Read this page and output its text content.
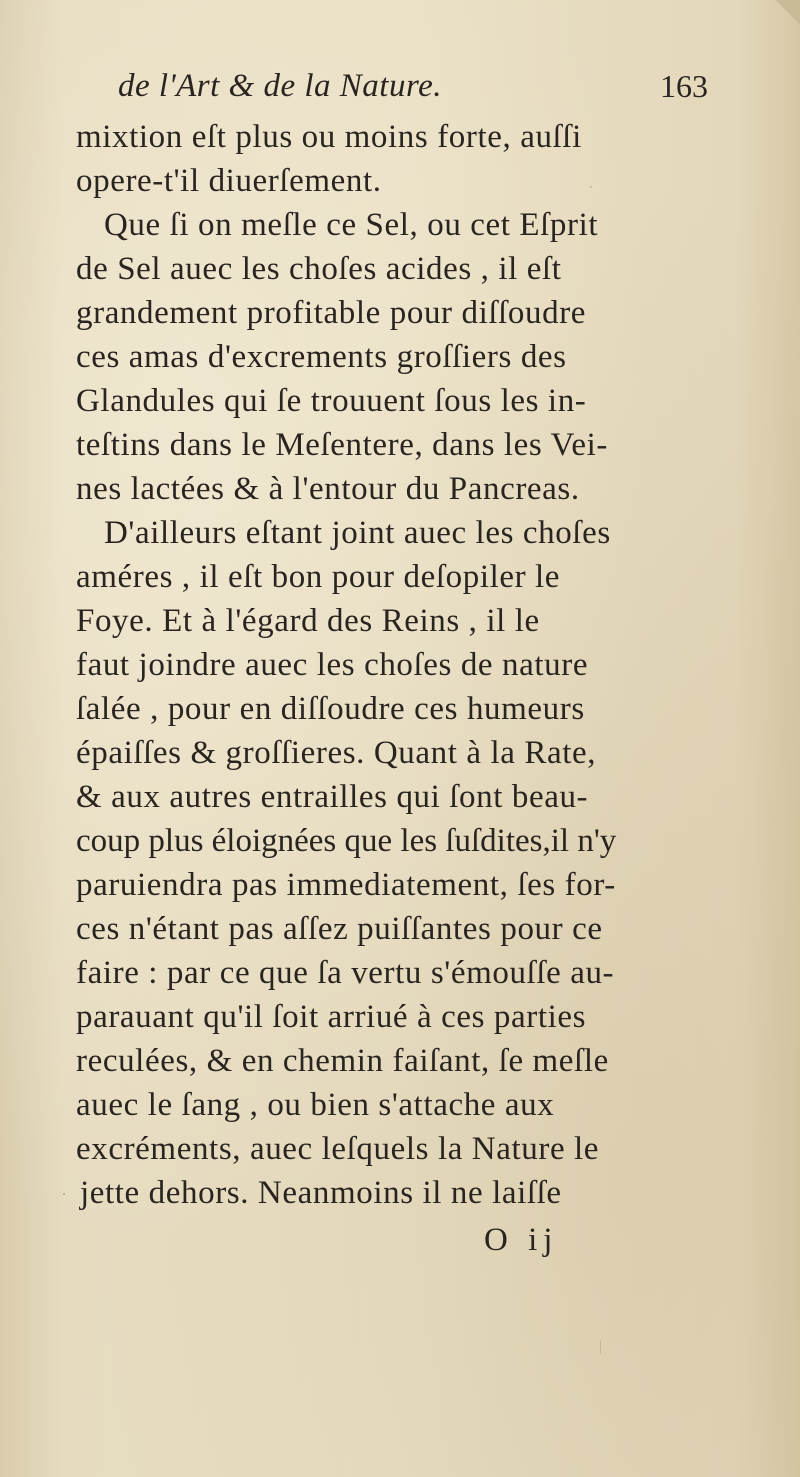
de l'Art & de la Nature.	163
mixtion eſt plus ou moins forte, auſſi
opere-t'il diuerſement.
Que ſi on meſle ce Sel, ou cet Eſprit
de Sel auec les choſes acides , il eſt
grandement profitable pour diſſoudre
ces amas d'excrements groſſiers des
Glandules qui ſe trouuent ſous les in-
teſtins dans le Meſentere, dans les Vei-
nes lactées & à l'entour du Pancreas.
D'ailleurs eſtant joint auec les choſes
améres , il eſt bon pour deſopiler le
Foye. Et à l'égard des Reins , il le
faut joindre auec les choſes de nature
ſalée , pour en diſſoudre ces humeurs
épaiſſes & groſſieres. Quant à la Rate,
& aux autres entrailles qui ſont beau-
coup plus éloignées que les ſuſdites,il n'y
paruiendra pas immediatement, ſes for-
ces n'étant pas aſſez puiſſantes pour ce
faire : par ce que ſa vertu s'émouſſe au-
parauant qu'il ſoit arriué à ces parties
reculées, & en chemin faiſant, ſe meſle
auec le ſang , ou bien s'attache aux
excréments, auec leſquels la Nature le
jette dehors. Neanmoins il ne laiſſe
O ij
